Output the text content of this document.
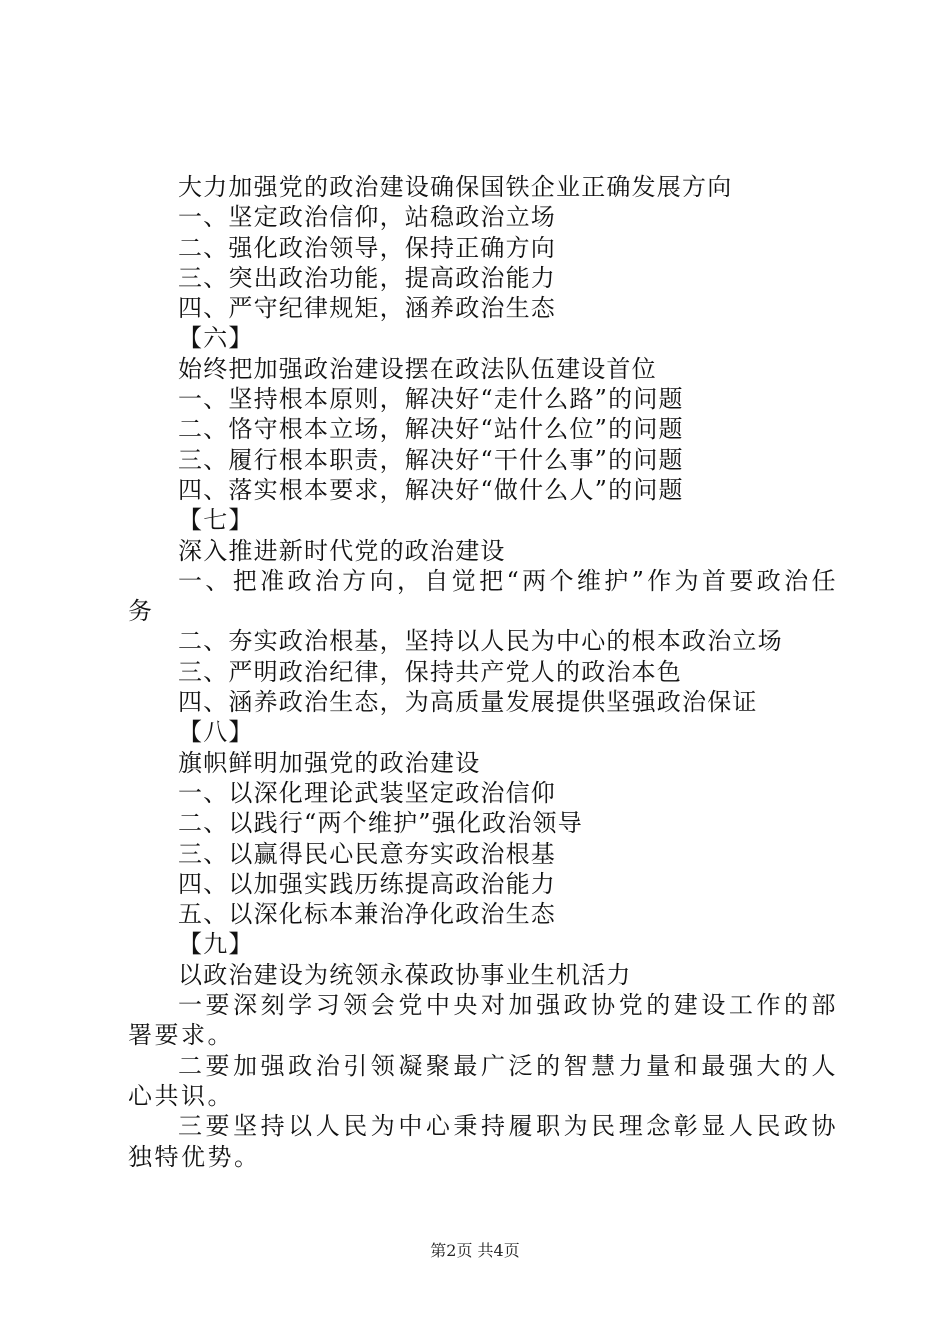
大力加强党的政治建设确保国铁企业正确发展方向
一、坚定政治信仰，站稳政治立场
二、强化政治领导，保持正确方向
三、突出政治功能，提高政治能力
四、严守纪律规矩，涵养政治生态
【六】
始终把加强政治建设摆在政法队伍建设首位
一、坚持根本原则，解决好“走什么路”的问题
二、恪守根本立场，解决好“站什么位”的问题
三、履行根本职责，解决好“干什么事”的问题
四、落实根本要求，解决好“做什么人”的问题
【七】
深入推进新时代党的政治建设
一、把准政治方向，自觉把“两个维护”作为首要政治任务
二、夯实政治根基，坚持以人民为中心的根本政治立场
三、严明政治纪律，保持共产党人的政治本色
四、涵养政治生态，为高质量发展提供坚强政治保证
【八】
旗帜鲜明加强党的政治建设
一、以深化理论武装坚定政治信仰
二、以践行“两个维护”强化政治领导
三、以赢得民心民意夯实政治根基
四、以加强实践历练提高政治能力
五、以深化标本兼治净化政治生态
【九】
以政治建设为统领永葆政协事业生机活力
一要深刻学习领会党中央对加强政协党的建设工作的部署要求。
二要加强政治引领凝聚最广泛的智慧力量和最强大的人心共识。
三要坚持以人民为中心秉持履职为民理念彰显人民政协独特优势。
第2页 共4页
